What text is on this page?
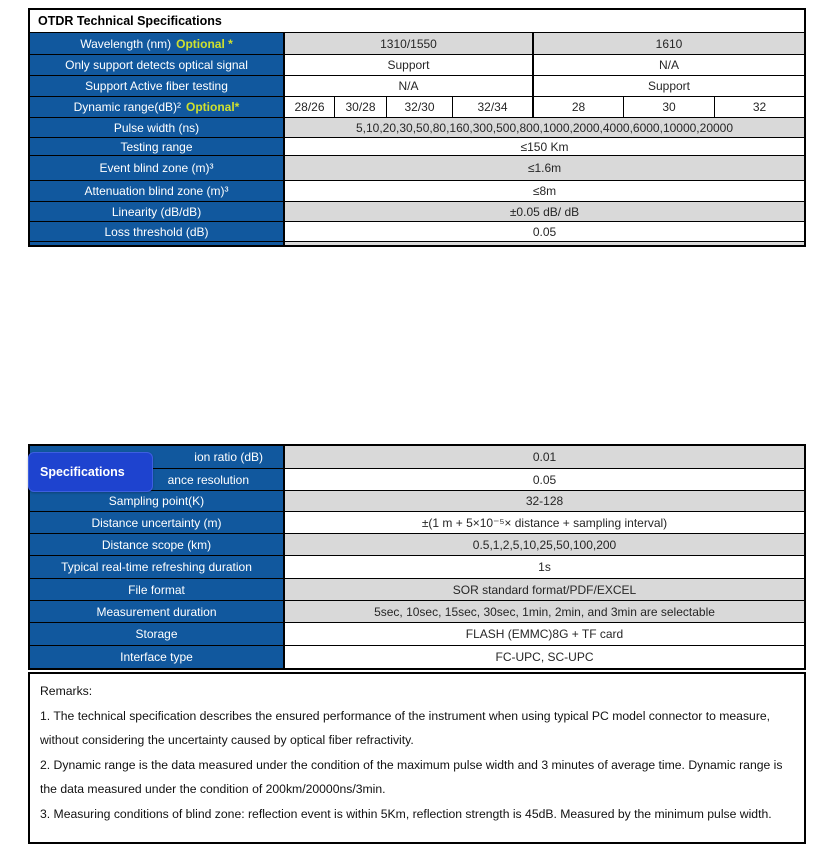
OTDR Technical Specifications
Wavelength (nm) Optional *	1310/1550	1610
Only support detects optical signal	Support	N/A
Support Active fiber testing	N/A	Support
Dynamic range(dB)² Optional*	28/26	30/28	32/30	32/34	28	30	32
Pulse width (ns)	5,10,20,30,50,80,160,300,500,800,1000,2000,4000,6000,10000,20000
Testing range	≤150 Km
Event blind zone (m)³	≤1.6m
Attenuation blind zone (m)³	≤8m
Linearity (dB/dB)	±0.05 dB/ dB
Loss threshold (dB)	0.05
ion ratio (dB)	0.01
ance resolution	0.05
Sampling point(K)	32-128
Distance uncertainty (m)	±(1 m + 5×10⁻⁵× distance + sampling interval)
Distance scope (km)	0.5,1,2,5,10,25,50,100,200
Typical real-time refreshing duration	1s
File format	SOR standard format/PDF/EXCEL
Measurement duration	5sec, 10sec, 15sec, 30sec, 1min, 2min, and 3min are selectable
Storage	FLASH (EMMC)8G + TF card
Interface type	FC-UPC, SC-UPC
Specifications

Remarks:

1. The technical specification describes the ensured performance of the instrument when using typical PC model connector to measure, without considering the uncertainty caused by optical fiber refractivity.

2. Dynamic range is the data measured under the condition of the maximum pulse width and 3 minutes of average time. Dynamic range is the data measured under the condition of 200km/20000ns/3min.

3. Measuring conditions of blind zone: reflection event is within 5Km, reflection strength is 45dB. Measured by the minimum pulse width.
